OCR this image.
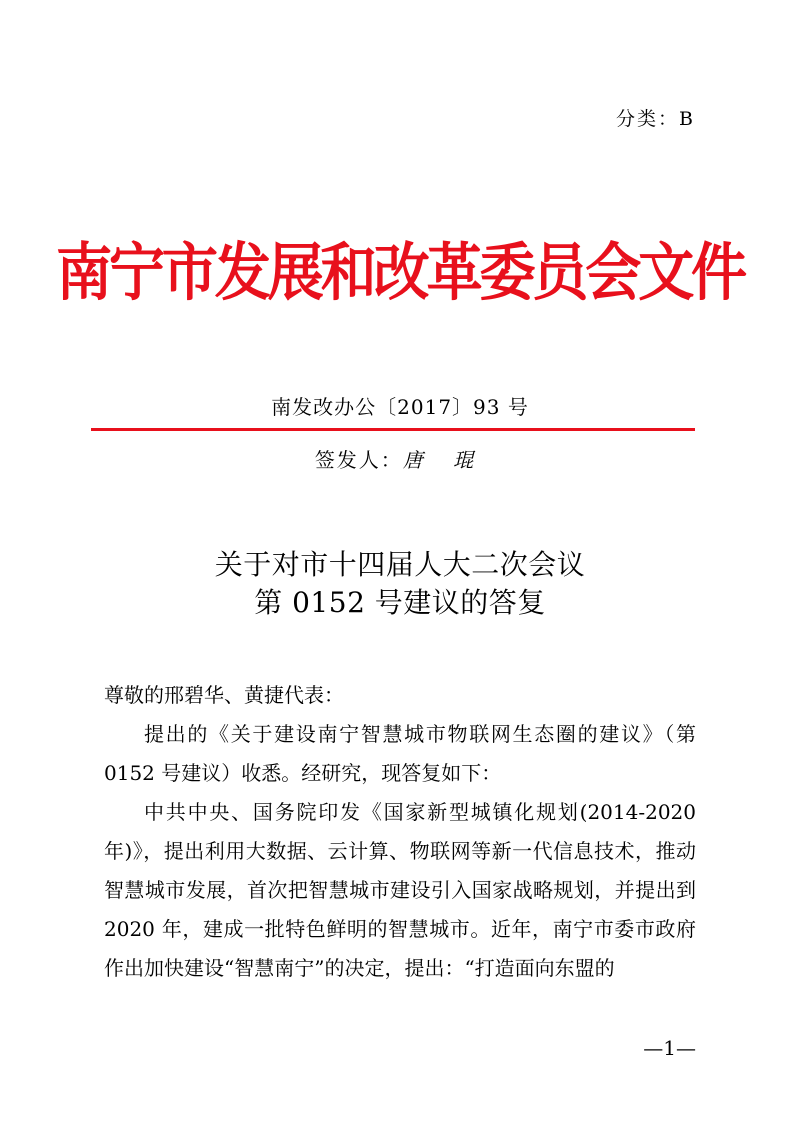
分类：B
南宁市发展和改革委员会文件
南发改办公〔2017〕93 号
签发人：唐 琨
关于对市十四届人大二次会议
第 0152 号建议的答复

尊敬的邢碧华、黄捷代表：

提出的《关于建设南宁智慧城市物联网生态圈的建议》（第 0152 号建议）收悉。经研究，现答复如下：

中共中央、国务院印发《国家新型城镇化规划(2014-2020 年)》，提出利用大数据、云计算、物联网等新一代信息技术，推动智慧城市发展，首次把智慧城市建设引入国家战略规划，并提出到 2020 年，建成一批特色鲜明的智慧城市。近年，南宁市委市政府作出加快建设“智慧南宁”的决定，提出：“打造面向东盟的

—1—
